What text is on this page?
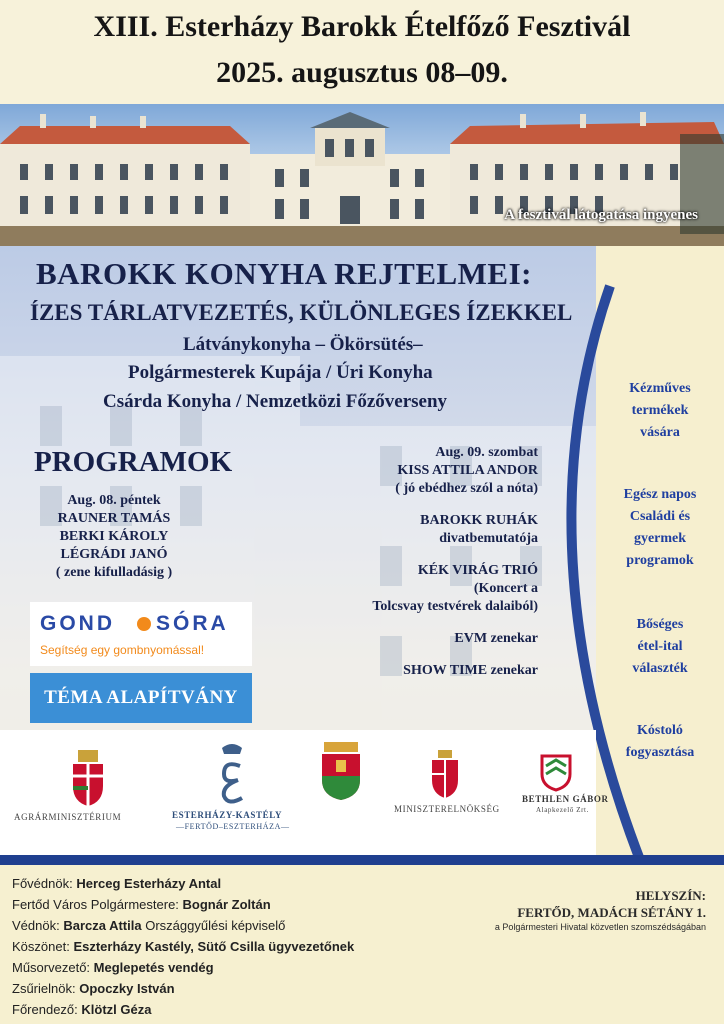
XIII. Esterházy Barokk Ételfőző Fesztivál
2025. augusztus 08–09.
A fesztivál látogatása ingyenes
BAROKK KONYHA REJTELMEI:
ÍZES TÁRLATVEZETÉS, KÜLÖNLEGES ÍZEKKEL
Látványkonyha – Ökörsütés–
Polgármesterek Kupája / Úri Konyha
Csárda Konyha / Nemzetközi Főzőverseny
PROGRAMOK
Aug. 08. péntek
RAUNER TAMÁS
BERKI KÁROLY
LÉGRÁDI JANÓ
( zene kifulladásig )
Aug. 09. szombat
KISS ATTILA ANDOR
( jó ebédhez szól a nóta)
BAROKK RUHÁK
divatbemutatója
KÉK VIRÁG TRIÓ
(Koncert a
Tolcsvay testvérek dalaiból)
EVM zenekar
SHOW TIME zenekar
Kézműves
termékek
vására
Egész napos
Családi és
gyermek
programok
Bőséges
étel-ital
választék
Kóstoló
fogyasztása
GOND SÓRA
Segítség egy gombnyomással!
TÉMA ALAPÍTVÁNY
AGRÁRMINISZTÉRIUM	ESTERHÁZY-KASTÉLY
—FERTŐD–ESZTERHÁZA—
MINISZTERELNÖKSÉG
BETHLEN GÁBOR
Alapkezelő Zrt.
Fővédnök: Herceg Esterházy Antal
Fertőd Város Polgármestere: Bognár Zoltán
Védnök: Barcza Attila Országgyűlési képviselő
Köszönet: Eszterházy Kastély, Sütő Csilla ügyvezetőnek
Műsorvezető: Meglepetés vendég
Zsűrielnök: Opoczky István
Főrendező: Klötzl Géza
HELYSZÍN:
FERTŐD, MADÁCH SÉTÁNY 1.
a Polgármesteri Hivatal közvetlen szomszédságában
